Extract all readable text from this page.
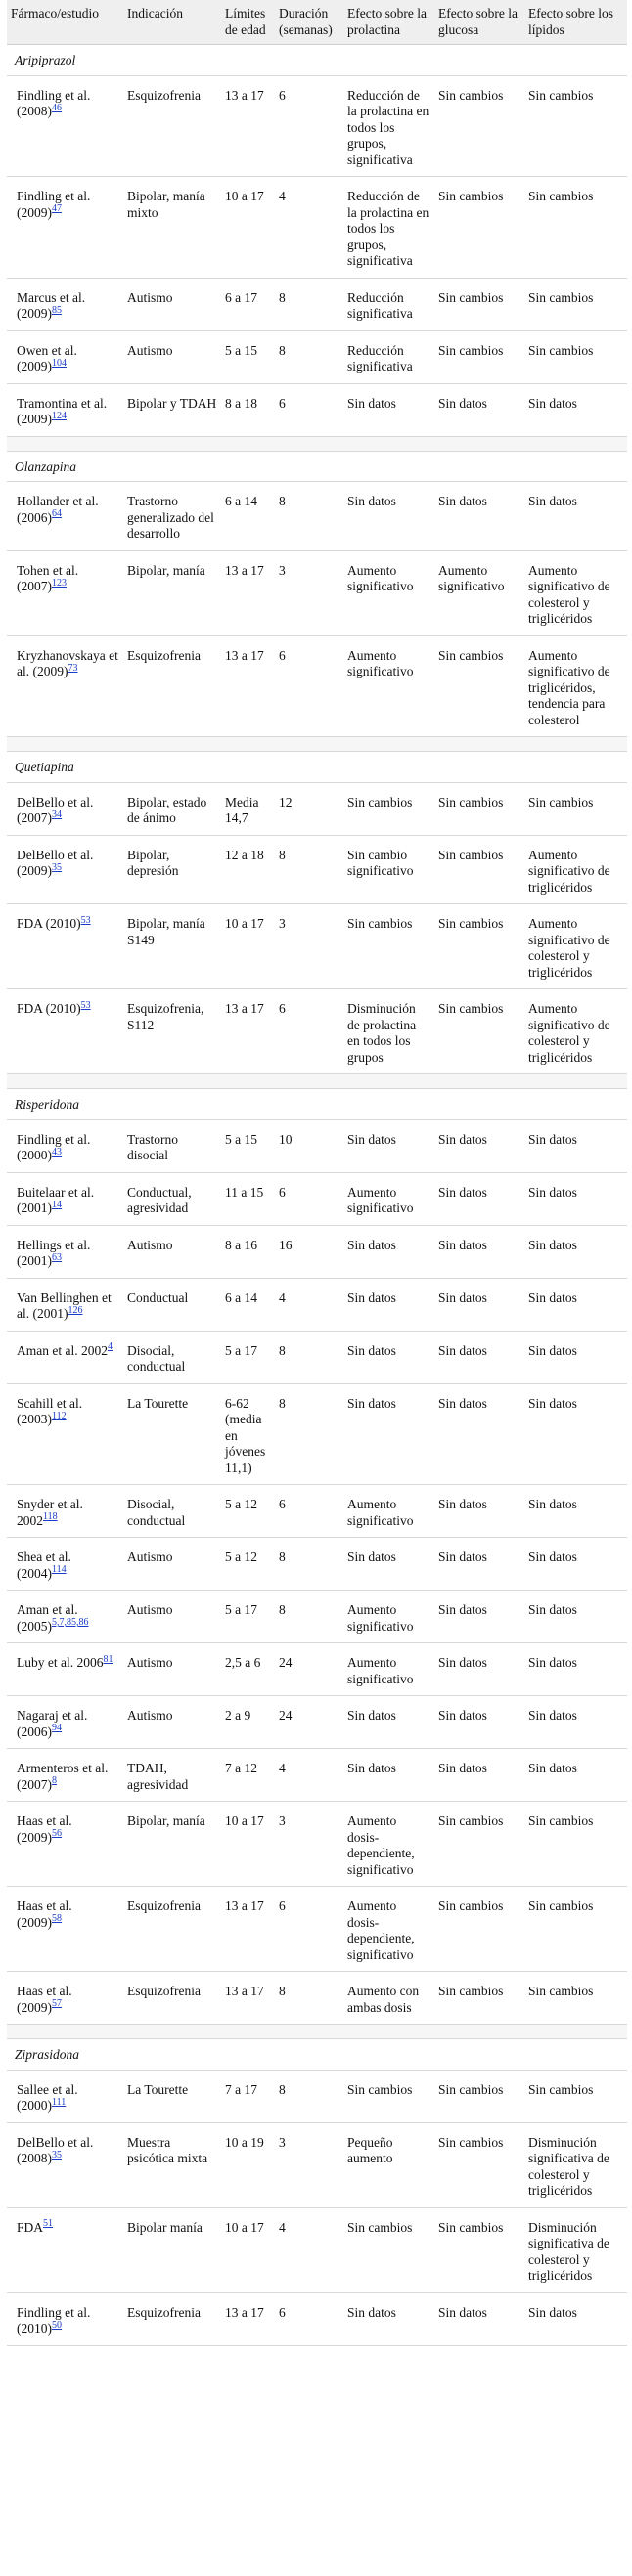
Fármaco/estudio	Indicación	Límites de edad	Duración (semanas)	Efecto sobre la prolactina	Efecto sobre la glucosa	Efecto sobre los lípidos
Aripiprazol						
Findling et al. (2008)$^{46}$	Esquizofrenia	13 a 17	6	Reducción de la prolactina en todos los grupos, significativa	Sin cambios	Sin cambios
Findling et al. (2009)$^{47}$	Bipolar, manía mixto	10 a 17	4	Reducción de la prolactina en todos los grupos, significativa	Sin cambios	Sin cambios
Marcus et al. (2009)$^{85}$	Autismo	6 a 17	8	Reducción significativa	Sin cambios	Sin cambios
Owen et al. (2009)$^{104}$	Autismo	5 a 15	8	Reducción significativa	Sin cambios	Sin cambios
Tramontina et al. (2009)$^{124}$	Bipolar y TDAH	8 a 18	6	Sin datos	Sin datos	Sin datos

Olanzapina						
Hollander et al. (2006)$^{64}$	Trastorno generalizado del desarrollo	6 a 14	8	Sin datos	Sin datos	Sin datos
Tohen et al. (2007)$^{123}$	Bipolar, manía	13 a 17	3	Aumento significativo	Aumento significativo	Aumento significativo de colesterol y triglicéridos
Kryzhanovskaya et al. (2009)$^{73}$	Esquizofrenia	13 a 17	6	Aumento significativo	Sin cambios	Aumento significativo de triglicéridos, tendencia para colesterol

Quetiapina						
DelBello et al. (2007)$^{34}$	Bipolar, estado de ánimo	Media 14,7	12	Sin cambios	Sin cambios	Sin cambios
DelBello et al. (2009)$^{35}$	Bipolar, depresión	12 a 18	8	Sin cambio significativo	Sin cambios	Aumento significativo de triglicéridos
FDA (2010)$^{53}$	Bipolar, manía S149	10 a 17	3	Sin cambios	Sin cambios	Aumento significativo de colesterol y triglicéridos
FDA (2010)$^{53}$	Esquizofrenia, S112	13 a 17	6	Disminución de prolactina en todos los grupos	Sin cambios	Aumento significativo de colesterol y triglicéridos

Risperidona						
Findling et al. (2000)$^{43}$	Trastorno disocial	5 a 15	10	Sin datos	Sin datos	Sin datos
Buitelaar et al. (2001)$^{14}$	Conductual, agresividad	11 a 15	6	Aumento significativo	Sin datos	Sin datos
Hellings et al. (2001)$^{63}$	Autismo	8 a 16	16	Sin datos	Sin datos	Sin datos
Van Bellinghen et al. (2001)$^{126}$	Conductual	6 a 14	4	Sin datos	Sin datos	Sin datos
Aman et al. 2002$^4$	Disocial, conductual	5 a 17	8	Sin datos	Sin datos	Sin datos
Scahill et al. (2003)$^{112}$	La Tourette	6-62 (media en jóvenes 11,1)	8	Sin datos	Sin datos	Sin datos
Snyder et al. 2002$^{118}$	Disocial, conductual	5 a 12	6	Aumento significativo	Sin datos	Sin datos
Shea et al. (2004)$^{114}$	Autismo	5 a 12	8	Sin datos	Sin datos	Sin datos
Aman et al. (2005)$^{5,7,85,86}$	Autismo	5 a 17	8	Aumento significativo	Sin datos	Sin datos
Luby et al. 2006$^{81}$	Autismo	2,5 a 6	24	Aumento significativo	Sin datos	Sin datos
Nagaraj et al. (2006)$^{94}$	Autismo	2 a 9	24	Sin datos	Sin datos	Sin datos
Armenteros et al. (2007)$^8$	TDAH, agresividad	7 a 12	4	Sin datos	Sin datos	Sin datos
Haas et al. (2009)$^{56}$	Bipolar, manía	10 a 17	3	Aumento dosis-dependiente, significativo	Sin cambios	Sin cambios
Haas et al. (2009)$^{58}$	Esquizofrenia	13 a 17	6	Aumento dosis-dependiente, significativo	Sin cambios	Sin cambios
Haas et al. (2009)$^{57}$	Esquizofrenia	13 a 17	8	Aumento con ambas dosis	Sin cambios	Sin cambios

Ziprasidona						
Sallee et al. (2000)$^{111}$	La Tourette	7 a 17	8	Sin cambios	Sin cambios	Sin cambios
DelBello et al. (2008)$^{35}$	Muestra psicótica mixta	10 a 19	3	Pequeño aumento	Sin cambios	Disminución significativa de colesterol y triglicéridos
FDA$^{51}$	Bipolar manía	10 a 17	4	Sin cambios	Sin cambios	Disminución significativa de colesterol y triglicéridos
Findling et al. (2010)$^{50}$	Esquizofrenia	13 a 17	6	Sin datos	Sin datos	Sin datos
